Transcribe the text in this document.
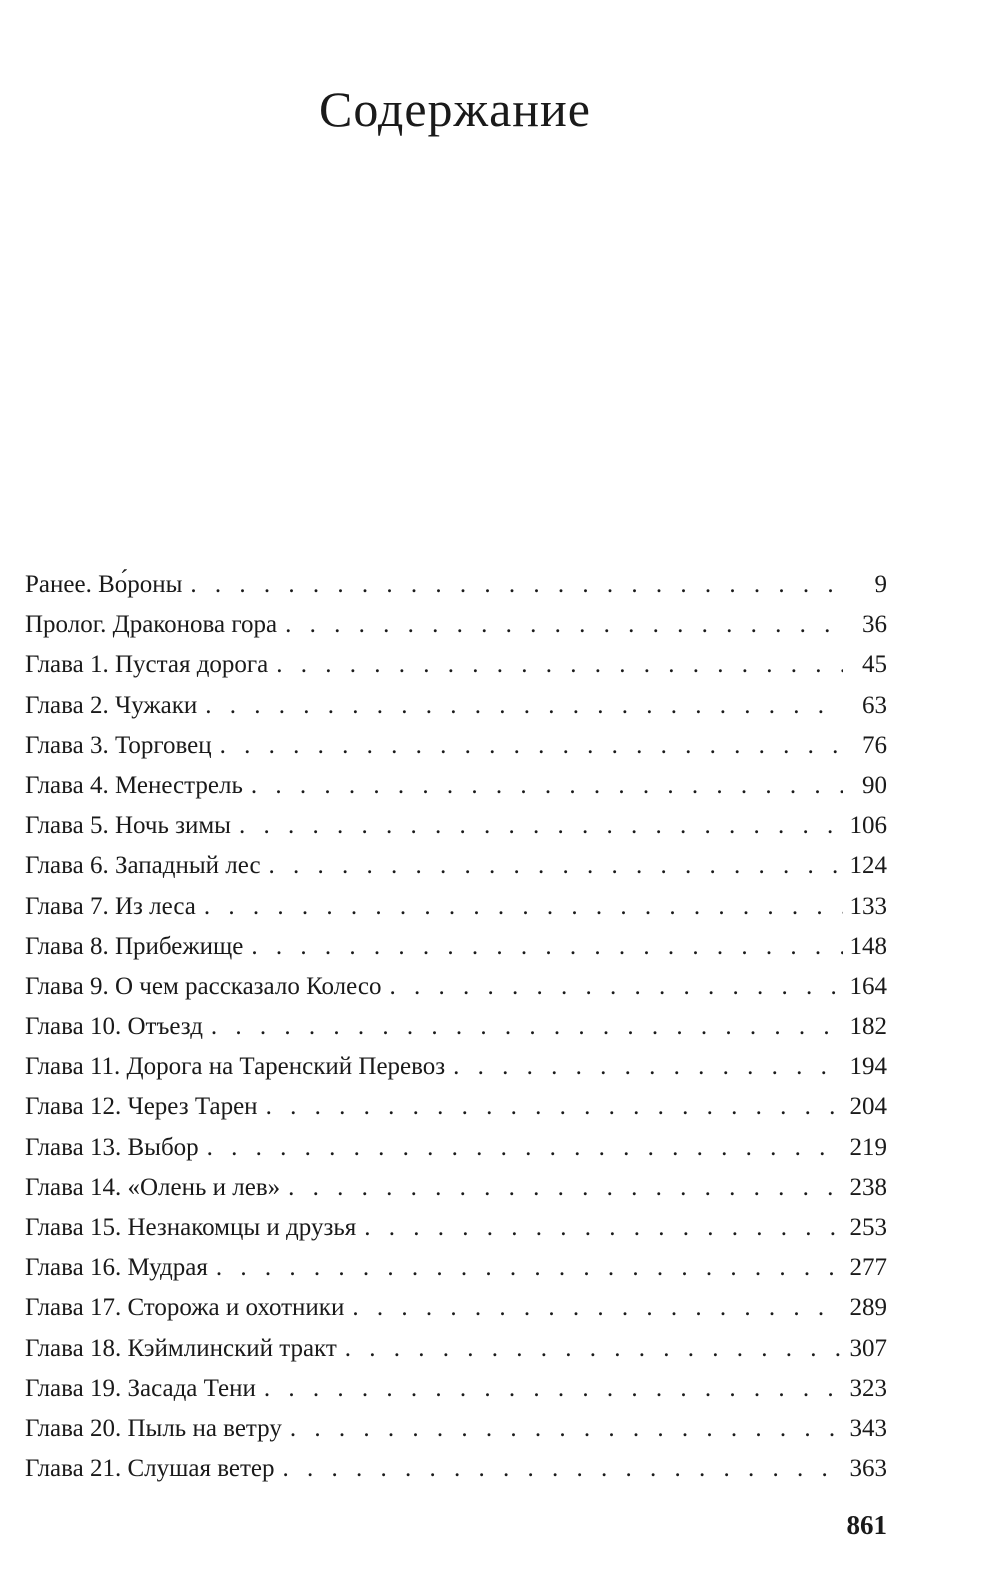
Содержание
Ранее. Во́роны . . .	9
Пролог. Драконова гора . . .	36
Глава 1. Пустая дорога . . .	45
Глава 2. Чужаки . . .	63
Глава 3. Торговец . . .	76
Глава 4. Менестрель . . .	90
Глава 5. Ночь зимы . . .	106
Глава 6. Западный лес . . .	124
Глава 7. Из леса . . .	133
Глава 8. Прибежище . . .	148
Глава 9. О чем рассказало Колесо . . .	164
Глава 10. Отъезд . . .	182
Глава 11. Дорога на Таренский Перевоз . . .	194
Глава 12. Через Тарен . . .	204
Глава 13. Выбор . . .	219
Глава 14. «Олень и лев» . . .	238
Глава 15. Незнакомцы и друзья . . .	253
Глава 16. Мудрая . . .	277
Глава 17. Сторожа и охотники . . .	289
Глава 18. Кэймлинский тракт . . .	307
Глава 19. Засада Тени . . .	323
Глава 20. Пыль на ветру . . .	343
Глава 21. Слушая ветер . . .	363

861
